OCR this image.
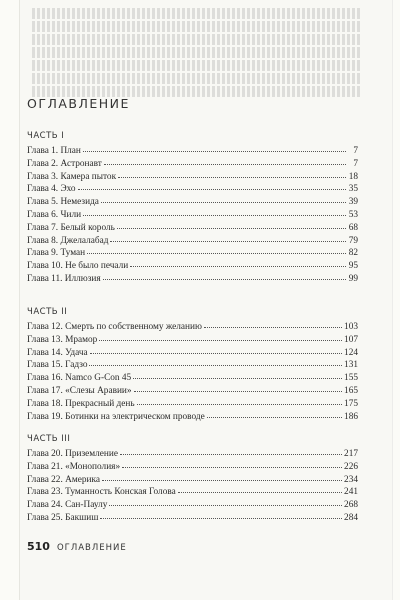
ОГЛАВЛЕНИЕ
ЧАСТЬ I
Глава 1. План	7
Глава 2. Астронавт	7
Глава 3. Камера пыток	18
Глава 4. Эхо	35
Глава 5. Немезида	39
Глава 6. Чили	53
Глава 7. Белый король	68
Глава 8. Джелалабад	79
Глава 9. Туман	82
Глава 10. Не было печали	95
Глава 11. Иллюзия	99
ЧАСТЬ II
Глава 12. Смерть по собственному желанию	103
Глава 13. Мрамор	107
Глава 14. Удача	124
Глава 15. Гадзо	131
Глава 16. Namco G-Con 45	155
Глава 17. «Слезы Аравии»	165
Глава 18. Прекрасный день	175
Глава 19. Ботинки на электрическом проводе	186
ЧАСТЬ III
Глава 20. Приземление	217
Глава 21. «Монополия»	226
Глава 22. Америка	234
Глава 23. Туманность Конская Голова	241
Глава 24. Сан-Паулу	268
Глава 25. Бакшиш	284
510 ОГЛАВЛЕНИЕ
